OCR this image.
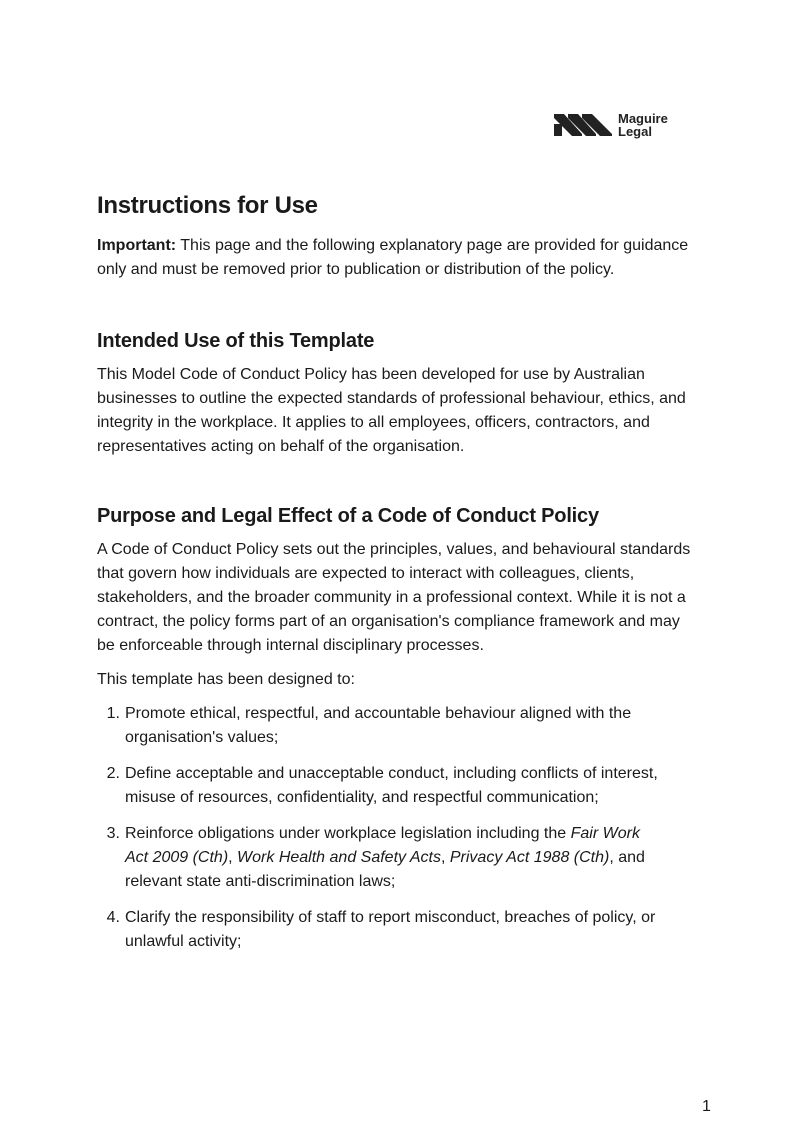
Maguire
Legal
Instructions for Use

Important: This page and the following explanatory page are provided for guidance only and must be removed prior to publication or distribution of the policy.

Intended Use of this Template

This Model Code of Conduct Policy has been developed for use by Australian businesses to outline the expected standards of professional behaviour, ethics, and integrity in the workplace. It applies to all employees, officers, contractors, and representatives acting on behalf of the organisation.

Purpose and Legal Effect of a Code of Conduct Policy

A Code of Conduct Policy sets out the principles, values, and behavioural standards that govern how individuals are expected to interact with colleagues, clients, stakeholders, and the broader community in a professional context. While it is not a contract, the policy forms part of an organisation's compliance framework and may be enforceable through internal disciplinary processes.

This template has been designed to:

1. Promote ethical, respectful, and accountable behaviour aligned with the organisation's values;
2. Define acceptable and unacceptable conduct, including conflicts of interest, misuse of resources, confidentiality, and respectful communication;
3. Reinforce obligations under workplace legislation including the Fair Work Act 2009 (Cth), Work Health and Safety Acts, Privacy Act 1988 (Cth), and relevant state anti-discrimination laws;
4. Clarify the responsibility of staff to report misconduct, breaches of policy, or unlawful activity;
1
